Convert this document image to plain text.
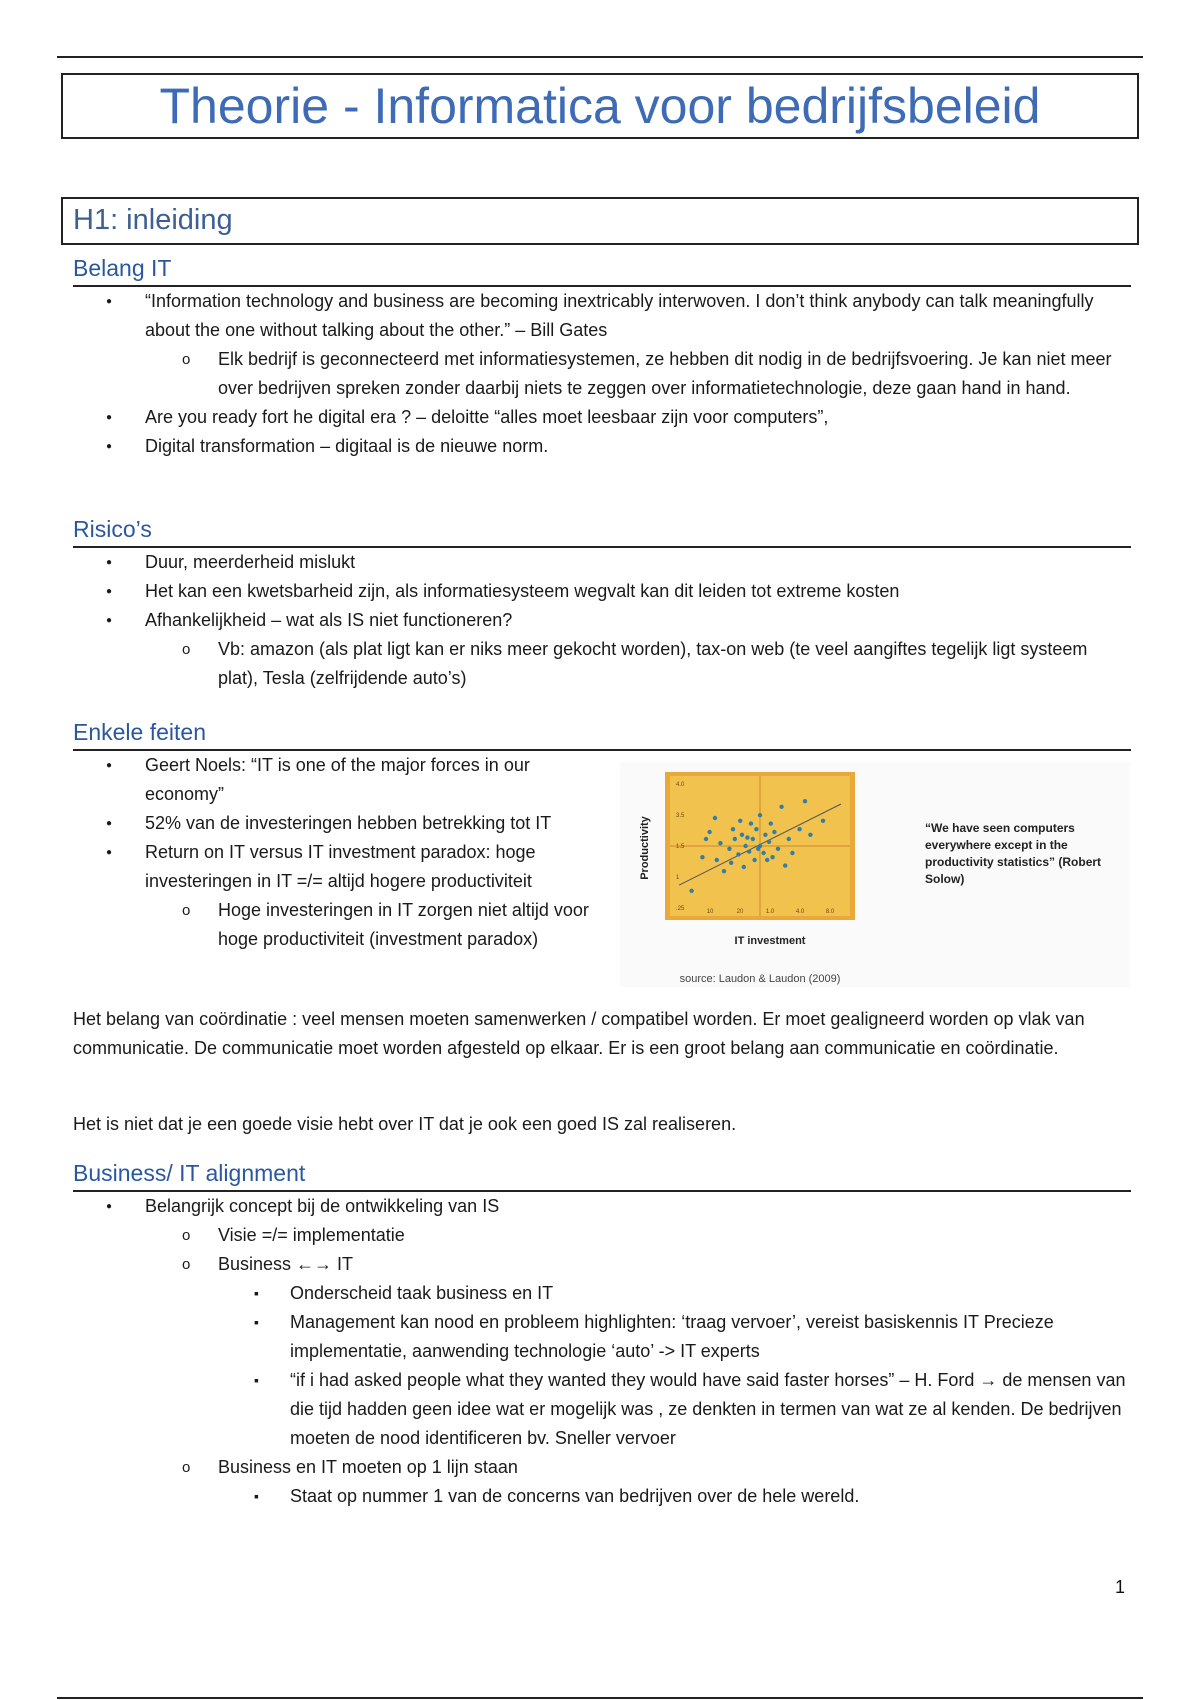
Theorie - Informatica voor bedrijfsbeleid
H1: inleiding
Belang IT
● “Information technology and business are becoming inextricably interwoven. I don’t think anybody can talk meaningfully about the one without talking about the other.” – Bill Gates
o Elk bedrijf is geconnecteerd met informatiesystemen, ze hebben dit nodig in de bedrijfsvoering. Je kan niet meer over bedrijven spreken zonder daarbij niets te zeggen over informatietechnologie, deze gaan hand in hand.
● Are you ready fort he digital era ? – deloitte “alles moet leesbaar zijn voor computers”,
● Digital transformation – digitaal is de nieuwe norm.
Risico’s
● Duur, meerderheid mislukt
● Het kan een kwetsbarheid zijn, als informatiesysteem wegvalt kan dit leiden tot extreme kosten
● Afhankelijkheid – wat als IS niet functioneren?
o Vb: amazon (als plat ligt kan er niks meer gekocht worden), tax-on web (te veel aangiftes tegelijk ligt systeem plat), Tesla (zelfrijdende auto’s)
Enkele feiten
● Geert Noels: “IT is one of the major forces in our economy”
● 52% van de investeringen hebben betrekking tot IT
● Return on IT versus IT investment paradox: hoge investeringen in IT =/= altijd hogere productiviteit
o Hoge investeringen in IT zorgen niet altijd voor hoge productiviteit (investment paradox)
Productivity
4.0
3.5
1.5
1
.25	10	20	1.0	4.0	8.0
IT investment
source: Laudon & Laudon (2009)
“We have seen computers everywhere except in the productivity statistics” (Robert Solow)
Het belang van coördinatie : veel mensen moeten samenwerken / compatibel worden. Er moet gealigneerd worden op vlak van communicatie. De communicatie moet worden afgesteld op elkaar. Er is een groot belang aan communicatie en coördinatie.
Het is niet dat je een goede visie hebt over IT dat je ook een goed IS zal realiseren.
Business/ IT alignment
● Belangrijk concept bij de ontwikkeling van IS
o Visie =/= implementatie
o Business ←→ IT
▪ Onderscheid taak business en IT
▪ Management kan nood en probleem highlighten: ‘traag vervoer’, vereist basiskennis IT Precieze implementatie, aanwending technologie ‘auto’ -> IT experts
▪ “if i had asked people what they wanted they would have said faster horses” – H. Ford → de mensen van die tijd hadden geen idee wat er mogelijk was , ze denkten in termen van wat ze al kenden. De bedrijven moeten de nood identificeren bv. Sneller vervoer
o Business en IT moeten op 1 lijn staan
▪ Staat op nummer 1 van de concerns van bedrijven over de hele wereld.
1
